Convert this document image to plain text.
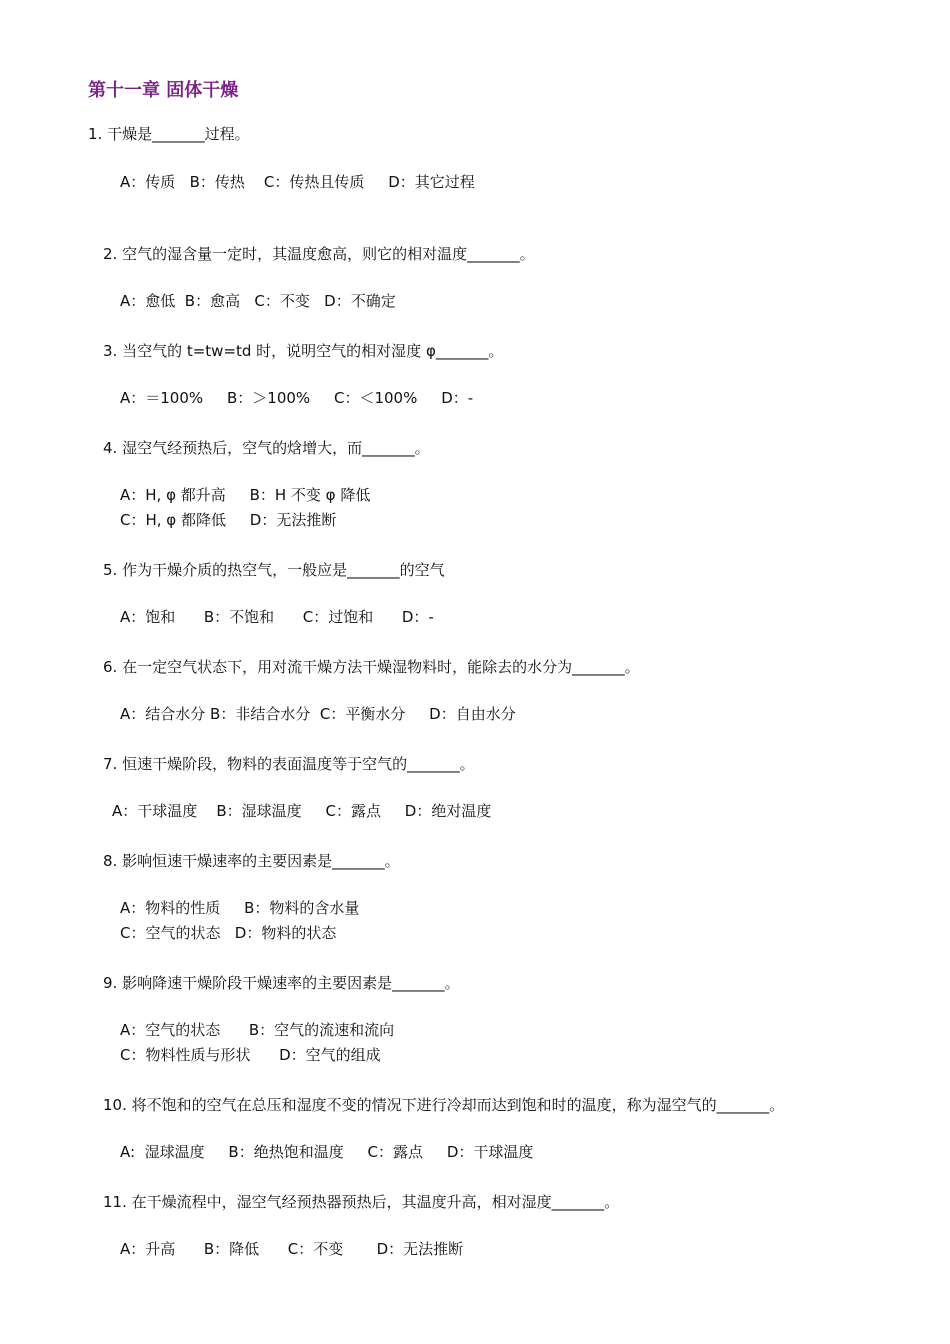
第十一章 固体干燥
1. 干燥是_______过程。
A：传质   B：传热    C：传热且传质     D：其它过程
2. 空气的湿含量一定时，其温度愈高，则它的相对温度_______。
A：愈低  B：愈高   C：不变   D：不确定
3. 当空气的 t=tw=td 时，说明空气的相对湿度 φ_______。
A：＝100%     B：＞100%     C：＜100%     D：-
4. 湿空气经预热后，空气的焓增大，而_______。
A：H, φ 都升高     B：H 不变 φ 降低
C：H, φ 都降低     D：无法推断
5. 作为干燥介质的热空气，一般应是_______的空气
A：饱和      B：不饱和      C：过饱和      D：-
6. 在一定空气状态下，用对流干燥方法干燥湿物料时，能除去的水分为_______。
A：结合水分 B：非结合水分  C：平衡水分     D：自由水分
7. 恒速干燥阶段，物料的表面温度等于空气的_______。
A：干球温度    B：湿球温度     C：露点     D：绝对温度
8. 影响恒速干燥速率的主要因素是_______。
A：物料的性质     B：物料的含水量
C：空气的状态   D：物料的状态
9. 影响降速干燥阶段干燥速率的主要因素是_______。
A：空气的状态      B：空气的流速和流向
C：物料性质与形状      D：空气的组成
10. 将不饱和的空气在总压和湿度不变的情况下进行冷却而达到饱和时的温度，称为湿空气的_______。
A:  湿球温度     B：绝热饱和温度     C：露点     D：干球温度
11. 在干燥流程中，湿空气经预热器预热后，其温度升高，相对湿度_______。
A：升高      B：降低      C：不变       D：无法推断
